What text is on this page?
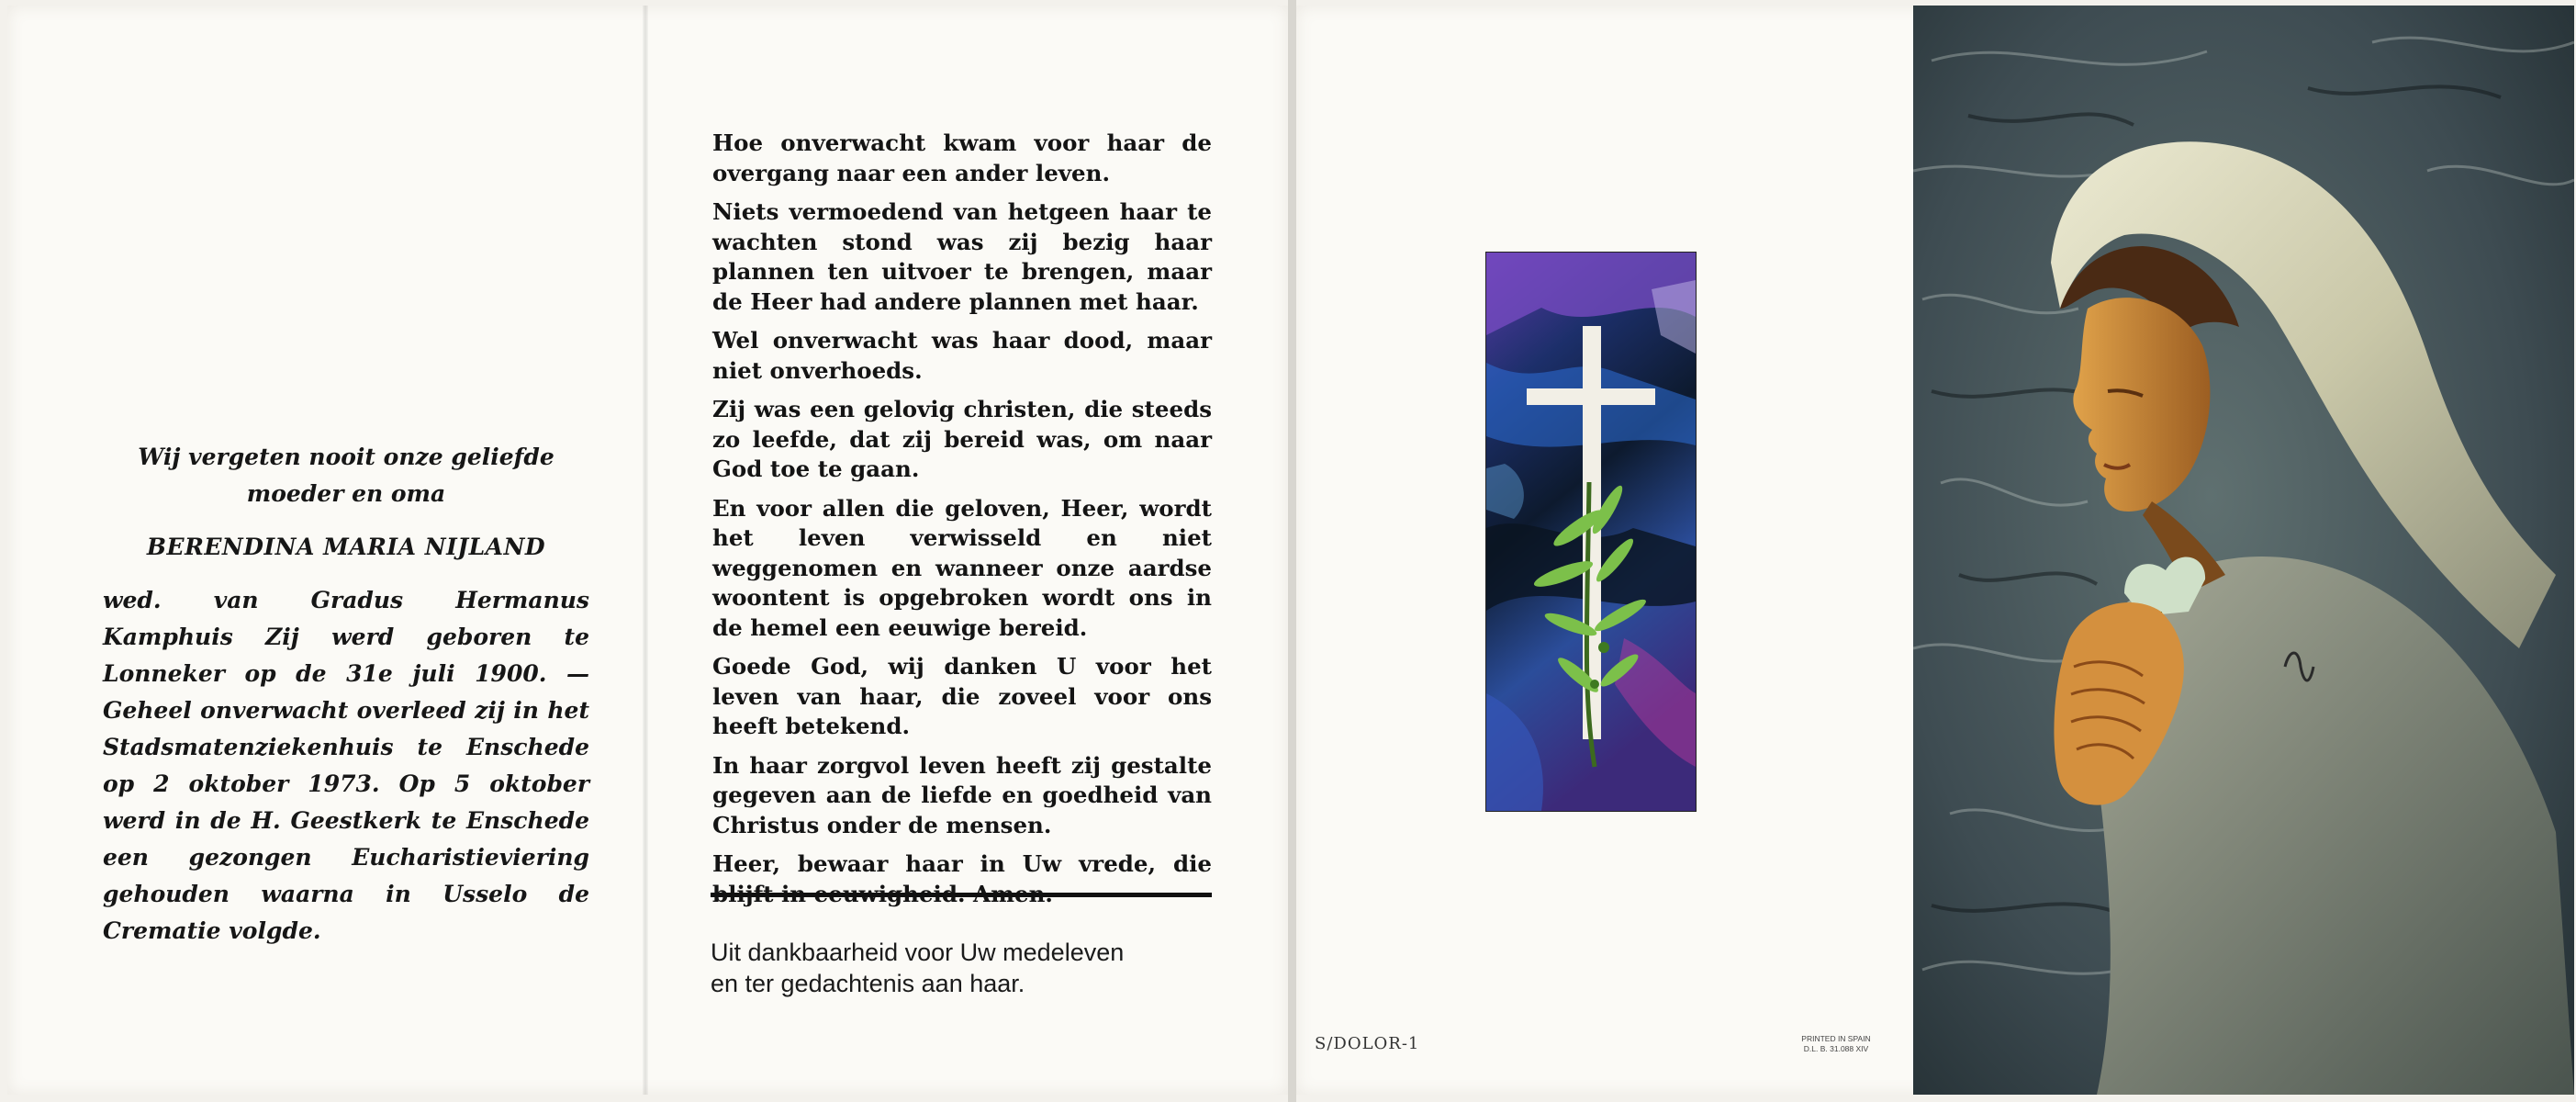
Wij vergeten nooit onze geliefde
moeder en oma
BERENDINA MARIA NIJLAND
wed. van Gradus Hermanus Kamphuis Zij werd geboren te Lonneker op de 31e juli 1900. — Geheel onverwacht overleed zij in het Stadsmatenziekenhuis te Enschede op 2 oktober 1973. Op 5 oktober werd in de H. Geestkerk te Enschede een gezongen Eucharistieviering gehouden waarna in Usselo de Crematie volgde.

Hoe onverwacht kwam voor haar de overgang naar een ander leven.

Niets vermoedend van hetgeen haar te wachten stond was zij bezig haar plannen ten uitvoer te brengen, maar de Heer had andere plannen met haar.

Wel onverwacht was haar dood, maar niet onverhoeds.

Zij was een gelovig christen, die steeds zo leefde, dat zij bereid was, om naar God toe te gaan.

En voor allen die geloven, Heer, wordt het leven verwisseld en niet weggenomen en wanneer onze aardse woontent is opgebroken wordt ons in de hemel een eeuwige bereid.

Goede God, wij danken U voor het leven van haar, die zoveel voor ons heeft betekend.

In haar zorgvol leven heeft zij gestalte gegeven aan de liefde en goedheid van Christus onder de mensen.

Heer, bewaar haar in Uw vrede, die

Uit dankbaarheid voor Uw medeleven
en ter gedachtenis aan haar.
S/DOLOR-1	PRINTED IN SPAIN
D.L. B. 31.088 XIV
